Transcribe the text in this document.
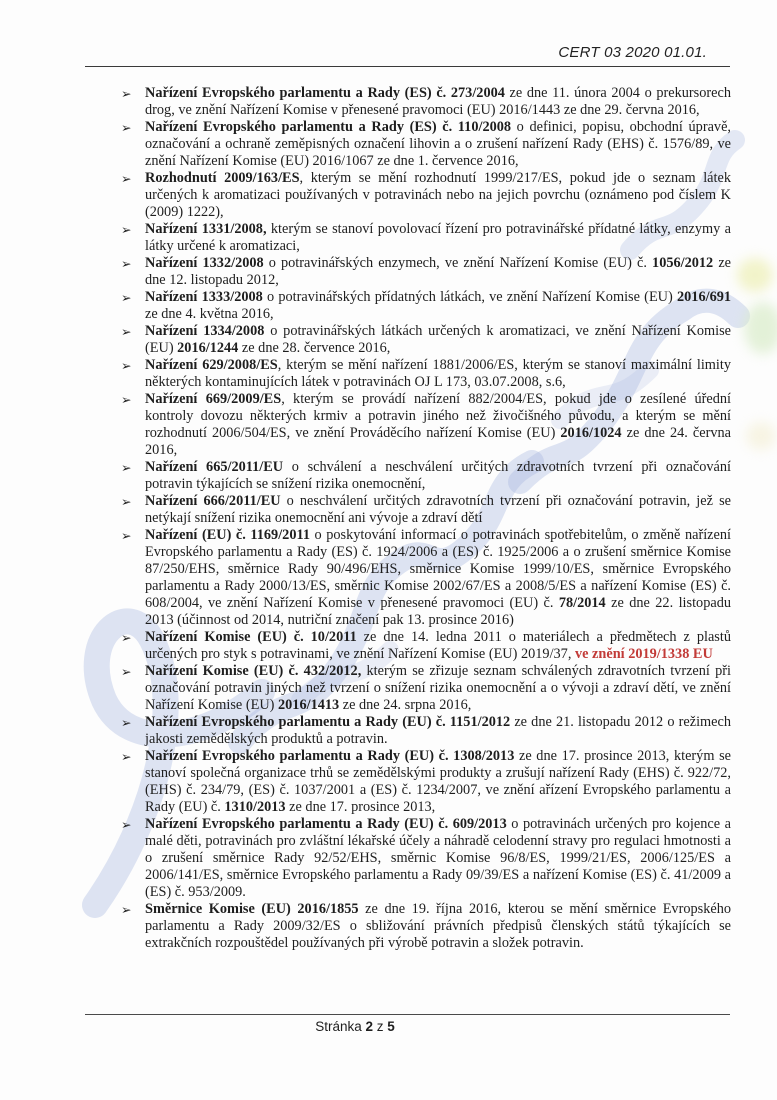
CERT 03 2020 01.01.
➢ Nařízení Evropského parlamentu a Rady (ES) č. 273/2004 ze dne 11. února 2004 o prekursorech drog, ve znění Nařízení Komise v přenesené pravomoci (EU) 2016/1443 ze dne 29. června 2016,
➢ Nařízení Evropského parlamentu a Rady (ES) č. 110/2008 o definici, popisu, obchodní úpravě, označování a ochraně zeměpisných označení lihovin a o zrušení nařízení Rady (EHS) č. 1576/89, ve znění Nařízení Komise (EU) 2016/1067 ze dne 1. července 2016,
➢ Rozhodnutí 2009/163/ES, kterým se mění rozhodnutí 1999/217/ES, pokud jde o seznam látek určených k aromatizaci používaných v potravinách nebo na jejich povrchu (oznámeno pod číslem K (2009) 1222),
➢ Nařízení 1331/2008, kterým se stanoví povolovací řízení pro potravinářské přídatné látky, enzymy a látky určené k aromatizaci,
➢ Nařízení 1332/2008 o potravinářských enzymech, ve znění Nařízení Komise (EU) č. 1056/2012 ze dne 12. listopadu 2012,
➢ Nařízení 1333/2008 o potravinářských přídatných látkách, ve znění Nařízení Komise (EU) 2016/691 ze dne 4. května 2016,
➢ Nařízení 1334/2008 o potravinářských látkách určených k aromatizaci, ve znění Nařízení Komise (EU) 2016/1244 ze dne 28. července 2016,
➢ Nařízení 629/2008/ES, kterým se mění nařízení 1881/2006/ES, kterým se stanoví maximální limity některých kontaminujících látek v potravinách OJ L 173, 03.07.2008, s.6,
➢ Nařízení 669/2009/ES, kterým se provádí nařízení 882/2004/ES, pokud jde o zesílené úřední kontroly dovozu některých krmiv a potravin jiného než živočišného původu, a kterým se mění rozhodnutí 2006/504/ES, ve znění Prováděcího nařízení Komise (EU) 2016/1024 ze dne 24. června 2016,
➢ Nařízení 665/2011/EU o schválení a neschválení určitých zdravotních tvrzení při označování potravin týkajících se snížení rizika onemocnění,
➢ Nařízení 666/2011/EU o neschválení určitých zdravotních tvrzení při označování potravin, jež se netýkají snížení rizika onemocnění ani vývoje a zdraví dětí
➢ Nařízení (EU) č. 1169/2011 o poskytování informací o potravinách spotřebitelům, o změně nařízení Evropského parlamentu a Rady (ES) č. 1924/2006 a (ES) č. 1925/2006 a o zrušení směrnice Komise 87/250/EHS, směrnice Rady 90/496/EHS, směrnice Komise 1999/10/ES, směrnice Evropského parlamentu a Rady 2000/13/ES, směrnic Komise 2002/67/ES a 2008/5/ES a nařízení Komise (ES) č. 608/2004, ve znění Nařízení Komise v přenesené pravomoci (EU) č. 78/2014 ze dne 22. listopadu 2013 (účinnost od 2014, nutriční značení pak 13. prosince 2016)
➢ Nařízení Komise (EU) č. 10/2011 ze dne 14. ledna 2011 o materiálech a předmětech z plastů určených pro styk s potravinami, ve znění Nařízení Komise (EU) 2019/37, ve znění 2019/1338 EU
➢ Nařízení Komise (EU) č. 432/2012, kterým se zřizuje seznam schválených zdravotních tvrzení při označování potravin jiných než tvrzení o snížení rizika onemocnění a o vývoji a zdraví dětí, ve znění Nařízení Komise (EU) 2016/1413 ze dne 24. srpna 2016,
➢ Nařízení Evropského parlamentu a Rady (EU) č. 1151/2012 ze dne 21. listopadu 2012 o režimech jakosti zemědělských produktů a potravin.
➢ Nařízení Evropského parlamentu a Rady (EU) č. 1308/2013 ze dne 17. prosince 2013, kterým se stanoví společná organizace trhů se zemědělskými produkty a zrušují nařízení Rady (EHS) č. 922/72, (EHS) č. 234/79, (ES) č. 1037/2001 a (ES) č. 1234/2007, ve znění ařízení Evropského parlamentu a Rady (EU) č. 1310/2013 ze dne 17. prosince 2013,
➢ Nařízení Evropského parlamentu a Rady (EU) č. 609/2013 o potravinách určených pro kojence a malé děti, potravinách pro zvláštní lékařské účely a náhradě celodenní stravy pro regulaci hmotnosti a o zrušení směrnice Rady 92/52/EHS, směrnic Komise 96/8/ES, 1999/21/ES, 2006/125/ES a 2006/141/ES, směrnice Evropského parlamentu a Rady 09/39/ES a nařízení Komise (ES) č. 41/2009 a (ES) č. 953/2009.
➢ Směrnice Komise (EU) 2016/1855 ze dne 19. října 2016, kterou se mění směrnice Evropského parlamentu a Rady 2009/32/ES o sbližování právních předpisů členských států týkajících se extrakčních rozpouštědel používaných při výrobě potravin a složek potravin.
Stránka 2 z 5
